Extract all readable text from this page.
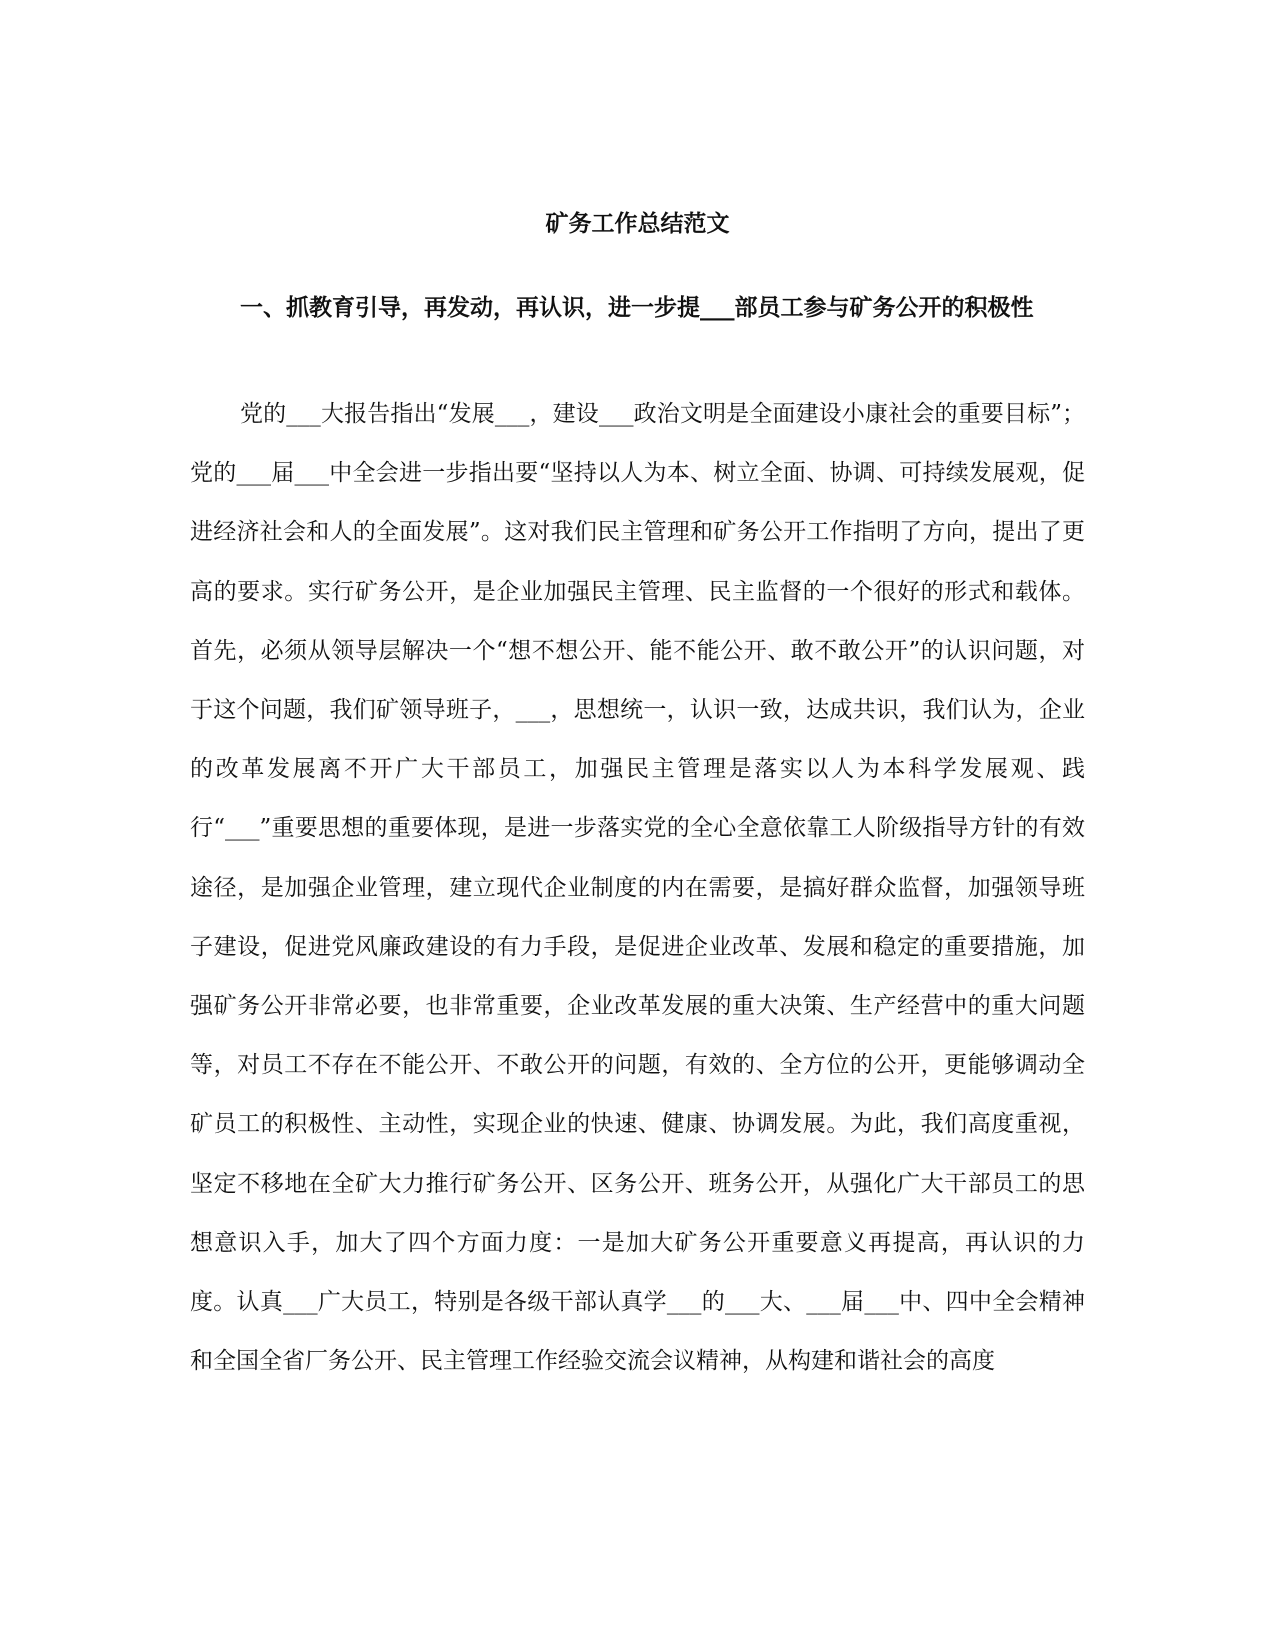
矿务工作总结范文
一、抓教育引导，再发动，再认识，进一步提___部员工参与矿务公开的积极性

党的___大报告指出“发展___，建设___政治文明是全面建设小康社会的重要目标”；党的___届___中全会进一步指出要“坚持以人为本、树立全面、协调、可持续发展观，促进经济社会和人的全面发展”。这对我们民主管理和矿务公开工作指明了方向，提出了更高的要求。实行矿务公开，是企业加强民主管理、民主监督的一个很好的形式和载体。首先，必须从领导层解决一个“想不想公开、能不能公开、敢不敢公开”的认识问题，对于这个问题，我们矿领导班子，___，思想统一，认识一致，达成共识，我们认为，企业的改革发展离不开广大干部员工，加强民主管理是落实以人为本科学发展观、践行“___”重要思想的重要体现，是进一步落实党的全心全意依靠工人阶级指导方针的有效途径，是加强企业管理，建立现代企业制度的内在需要，是搞好群众监督，加强领导班子建设，促进党风廉政建设的有力手段，是促进企业改革、发展和稳定的重要措施，加强矿务公开非常必要，也非常重要，企业改革发展的重大决策、生产经营中的重大问题等，对员工不存在不能公开、不敢公开的问题，有效的、全方位的公开，更能够调动全矿员工的积极性、主动性，实现企业的快速、健康、协调发展。为此，我们高度重视，坚定不移地在全矿大力推行矿务公开、区务公开、班务公开，从强化广大干部员工的思想意识入手，加大了四个方面力度：一是加大矿务公开重要意义再提高，再认识的力度。认真___广大员工，特别是各级干部认真学___的___大、___届___中、四中全会精神和全国全省厂务公开、民主管理工作经验交流会议精神，从构建和谐社会的高度
